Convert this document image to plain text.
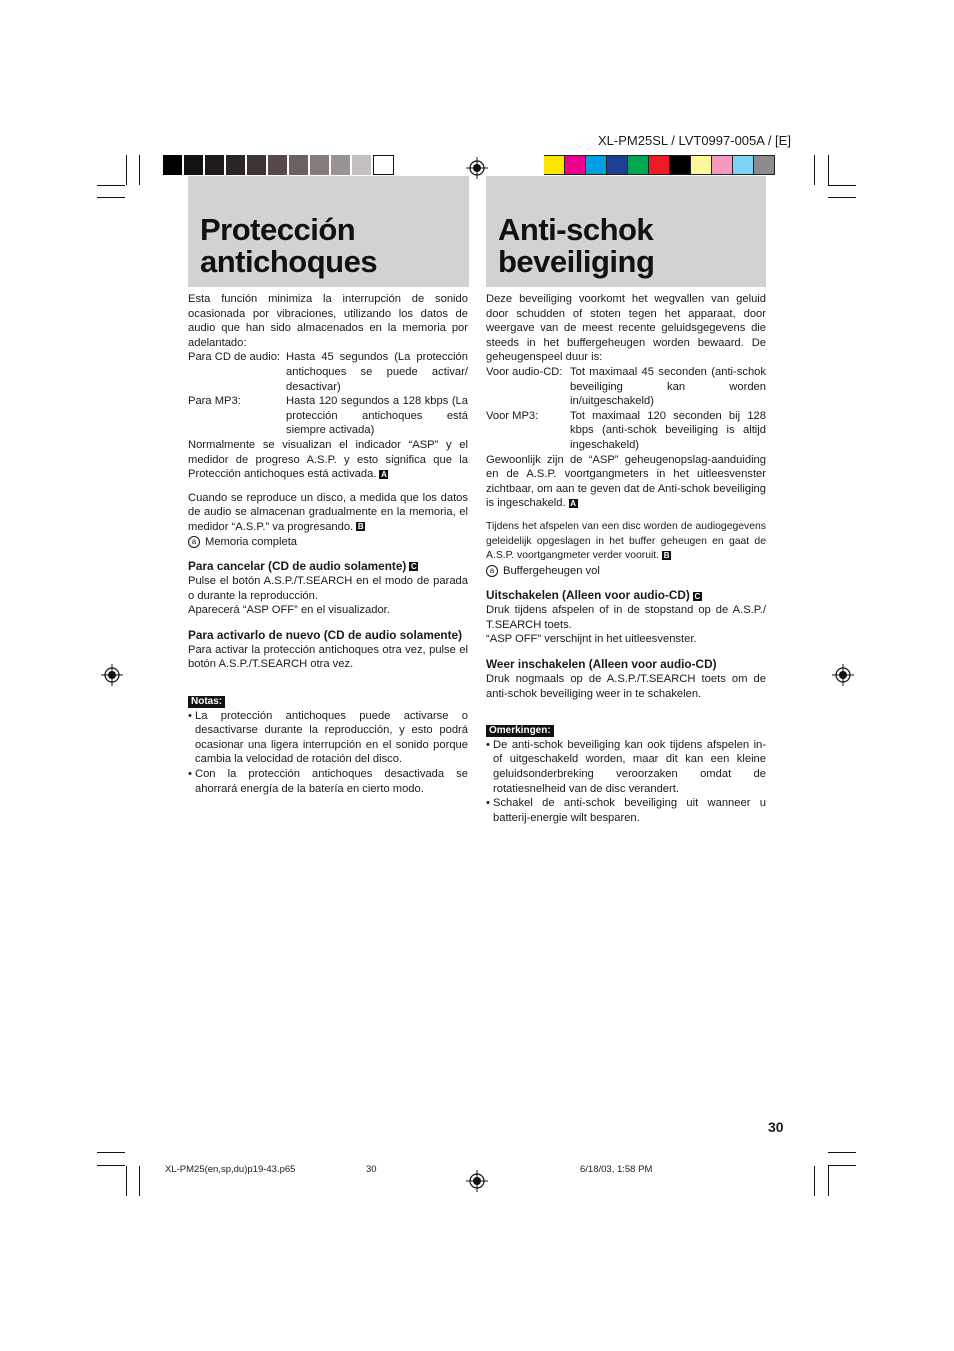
XL-PM25SL / LVT0997-005A / [E]
Protección
antichoques
Anti-schok
beveiliging

Esta función minimiza la interrupción de sonido ocasionada por vibraciones, utilizando los datos de audio que han sido almacenados en la memoria por adelantado:

Para CD de audio: Hasta 45 segundos (La protección antichoques se puede activar/ desactivar)
Para MP3:	Hasta 120 segundos a 128 kbps (La protección antichoques está siempre activada)

Normalmente se visualizan el indicador “ASP” y el medidor de progreso A.S.P. y esto significa que la Protección antichoques está activada. A

Cuando se reproduce un disco, a medida que los datos de audio se almacenan gradualmente en la memoria, el medidor “A.S.P.” va progresando. B

a Memoria completa

Para cancelar (CD de audio solamente) C

Pulse el botón A.S.P./T.SEARCH en el modo de parada o durante la reproducción.

Aparecerá “ASP OFF” en el visualizador.

Para activarlo de nuevo (CD de audio solamente)

Para activar la protección antichoques otra vez, pulse el botón A.S.P./T.SEARCH otra vez.

Notas:
• La protección antichoques puede activarse o desactivarse durante la reproducción, y esto podrá ocasionar una ligera interrupción en el sonido porque cambia la velocidad de rotación del disco.
• Con la protección antichoques desactivada se ahorrará energía de la batería en cierto modo.

Deze beveiliging voorkomt het wegvallen van geluid door schudden of stoten tegen het apparaat, door weergave van de meest recente geluidsgegevens die steeds in het buffergeheugen worden bewaard. De geheugenspeel duur is:

Voor audio-CD: Tot maximaal 45 seconden (anti-schok beveiliging kan worden in/uitgeschakeld)
Voor MP3:	Tot maximaal 120 seconden bij 128 kbps (anti-schok beveiliging is altijd ingeschakeld)

Gewoonlijk zijn de “ASP” geheugenopslag-aanduiding en de A.S.P. voortgangmeters in het uitleesvenster zichtbaar, om aan te geven dat de Anti-schok beveiliging is ingeschakeld. A

Tijdens het afspelen van een disc worden de audiogegevens geleidelijk opgeslagen in het buffer geheugen en gaat de A.S.P. voortgangmeter verder vooruit. B

a Buffergeheugen vol

Uitschakelen (Alleen voor audio-CD) C

Druk tijdens afspelen of in de stopstand op de A.S.P./ T.SEARCH toets.

“ASP OFF” verschijnt in het uitleesvenster.

Weer inschakelen (Alleen voor audio-CD)

Druk nogmaals op de A.S.P./T.SEARCH toets om de anti-schok beveiliging weer in te schakelen.

Omerkingen:
• De anti-schok beveiliging kan ook tijdens afspelen in- of uitgeschakeld worden, maar dit kan een kleine geluidsonderbreking veroorzaken omdat de rotatiesnelheid van de disc verandert.
• Schakel de anti-schok beveiliging uit wanneer u batterij-energie wilt besparen.
30
XL-PM25(en,sp,du)p19-43.p65	30	6/18/03, 1:58 PM
